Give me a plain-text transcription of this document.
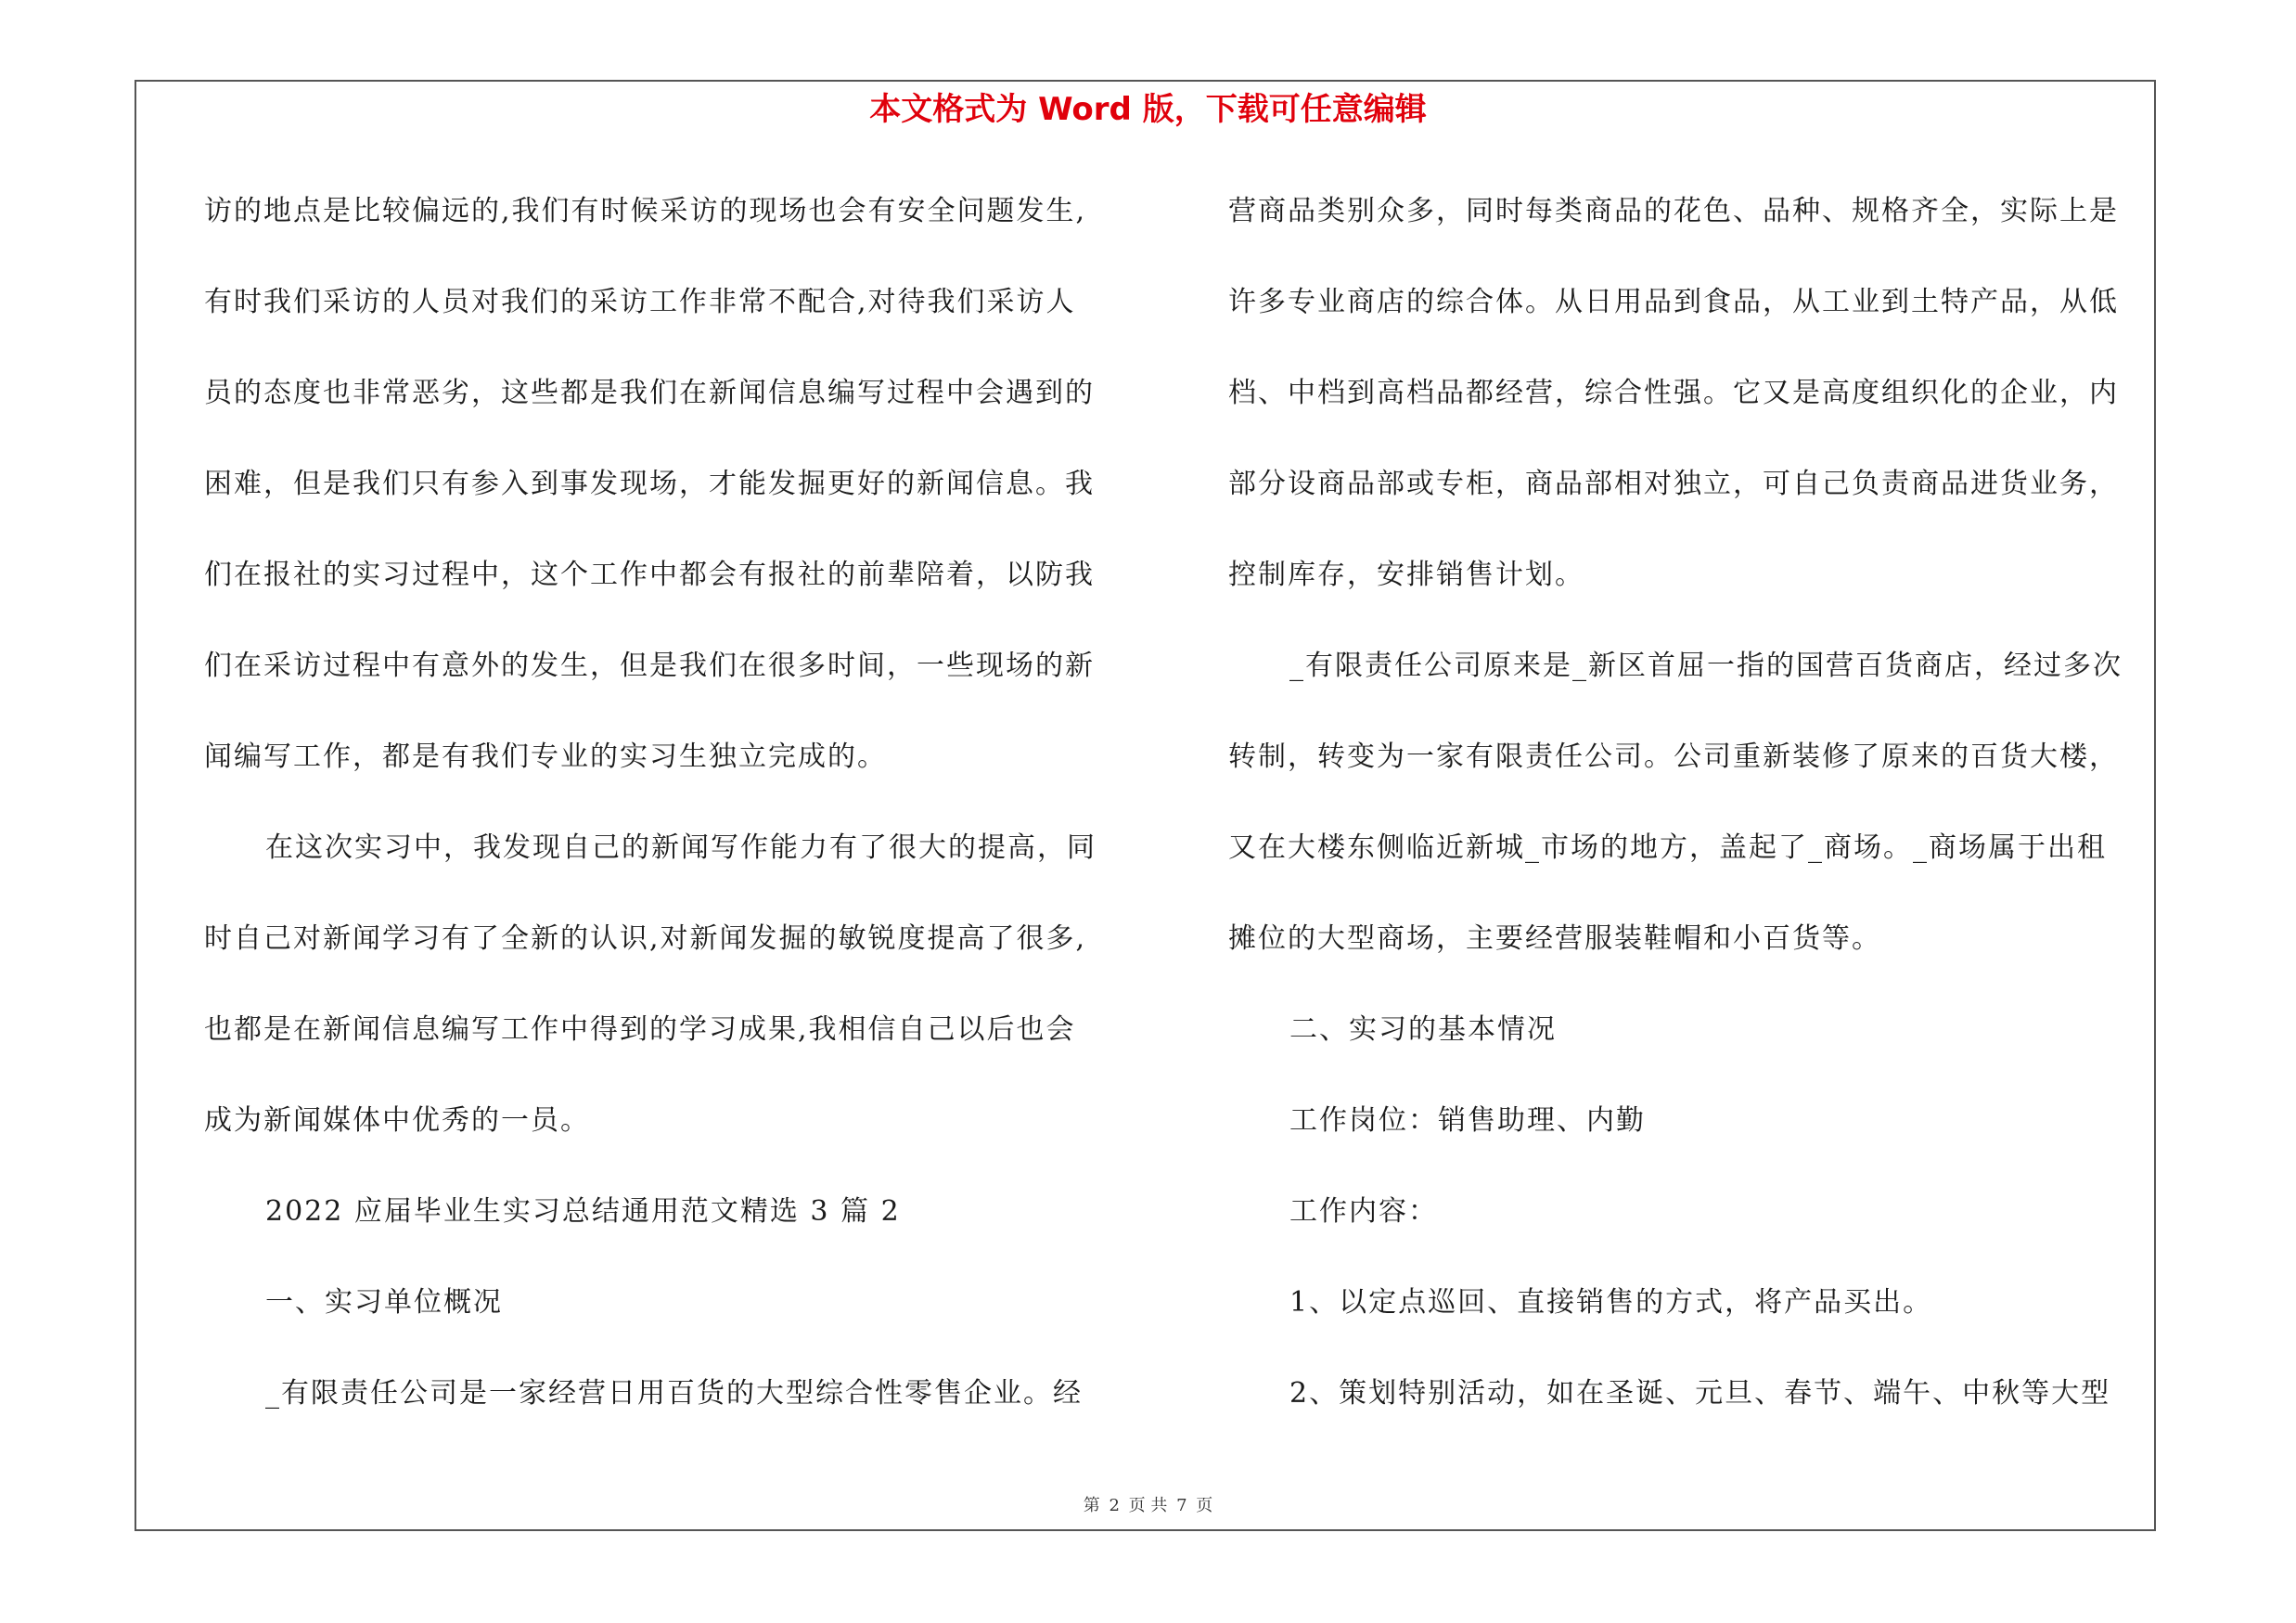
本文格式为 Word 版，下载可任意编辑
访的地点是比较偏远的,我们有时候采访的现场也会有安全问题发生,
有时我们采访的人员对我们的采访工作非常不配合,对待我们采访人
员的态度也非常恶劣，这些都是我们在新闻信息编写过程中会遇到的
困难，但是我们只有参入到事发现场，才能发掘更好的新闻信息。我
们在报社的实习过程中，这个工作中都会有报社的前辈陪着，以防我
们在采访过程中有意外的发生，但是我们在很多时间，一些现场的新
闻编写工作，都是有我们专业的实习生独立完成的。
在这次实习中，我发现自己的新闻写作能力有了很大的提高，同
时自己对新闻学习有了全新的认识,对新闻发掘的敏锐度提高了很多,
也都是在新闻信息编写工作中得到的学习成果,我相信自己以后也会
成为新闻媒体中优秀的一员。
2022 应届毕业生实习总结通用范文精选 3 篇 2
一、实习单位概况
_有限责任公司是一家经营日用百货的大型综合性零售企业。经
营商品类别众多，同时每类商品的花色、品种、规格齐全，实际上是
许多专业商店的综合体。从日用品到食品，从工业到土特产品，从低
档、中档到高档品都经营，综合性强。它又是高度组织化的企业，内
部分设商品部或专柜，商品部相对独立，可自己负责商品进货业务，
控制库存，安排销售计划。
_有限责任公司原来是_新区首屈一指的国营百货商店，经过多次
转制，转变为一家有限责任公司。公司重新装修了原来的百货大楼，
又在大楼东侧临近新城_市场的地方，盖起了_商场。_商场属于出租
摊位的大型商场，主要经营服装鞋帽和小百货等。
二、实习的基本情况
工作岗位：销售助理、内勤
工作内容：
1、以定点巡回、直接销售的方式，将产品买出。
2、策划特别活动，如在圣诞、元旦、春节、端午、中秋等大型
第 2 页 共 7 页
